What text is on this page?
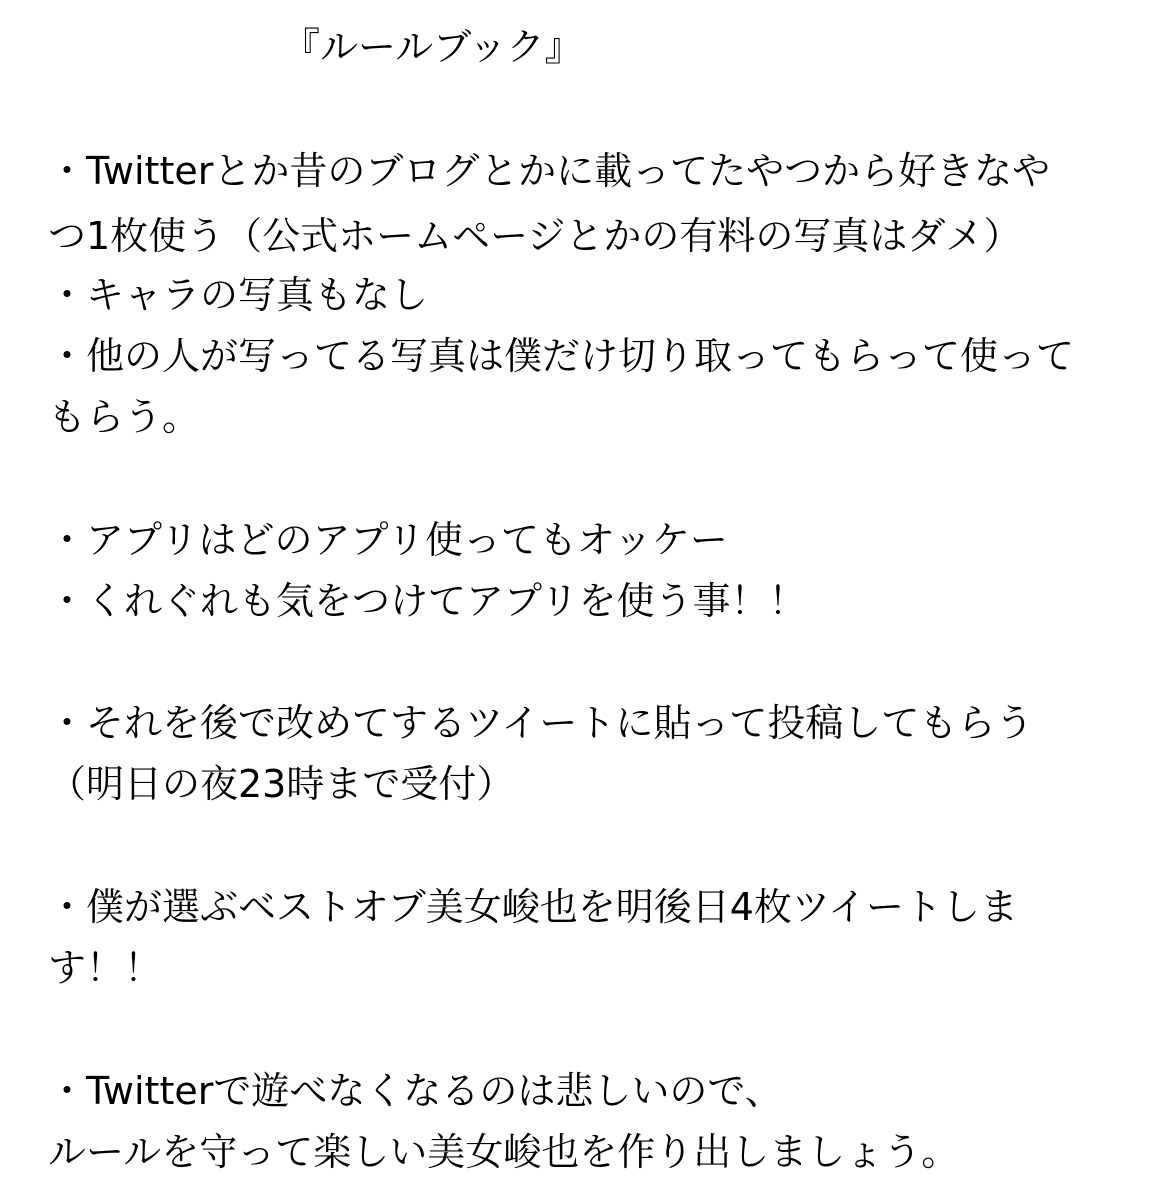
『ルールブック』
・Twitterとか昔のブログとかに載ってたやつから好きなや
つ1枚使う（公式ホームページとかの有料の写真はダメ）
・キャラの写真もなし
・他の人が写ってる写真は僕だけ切り取ってもらって使って
もらう。
・アプリはどのアプリ使ってもオッケー
・くれぐれも気をつけてアプリを使う事！！
・それを後で改めてするツイートに貼って投稿してもらう
（明日の夜23時まで受付）
・僕が選ぶベストオブ美女峻也を明後日4枚ツイートしま
す！！
・Twitterで遊べなくなるのは悲しいので、
ルールを守って楽しい美女峻也を作り出しましょう。
